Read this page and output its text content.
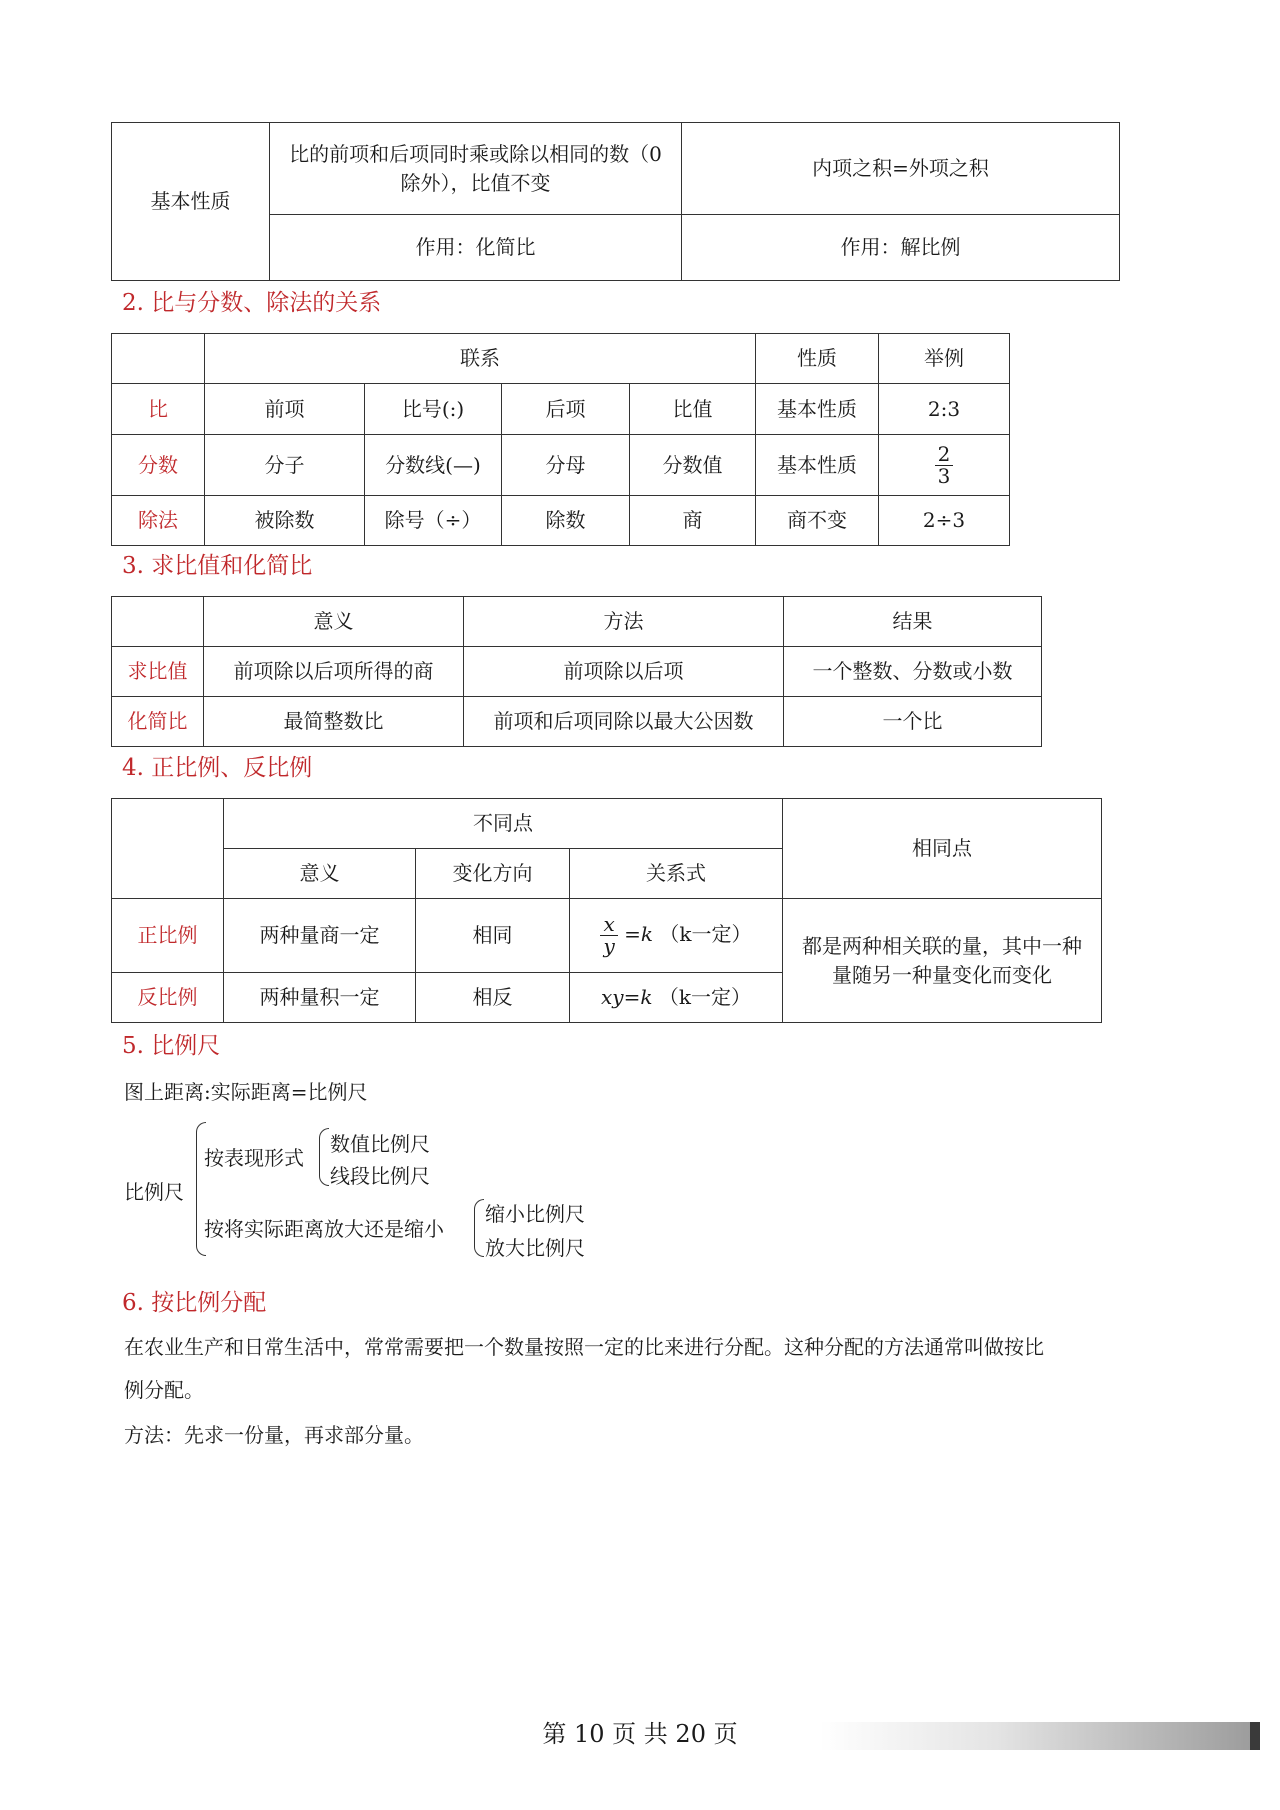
基本性质	比的前项和后项同时乘或除以相同的数（0除外），比值不变	内项之积=外项之积
	作用：化简比	作用：解比例
2. 比与分数、除法的关系
	联系				性质	举例
比	前项	比号(:)	后项	比值	基本性质	2:3
分数	分子	分数线(—)	分母	分数值	基本性质	$\frac{2}{3}$

除法	被除数	除号（÷）	除数	商	商不变	2÷3
3. 求比值和化简比
	意义	方法	结果
求比值	前项除以后项所得的商	前项除以后项	一个整数、分数或小数
化简比	最简整数比	前项和后项同除以最大公因数	一个比
4. 正比例、反比例
	不同点			相同点
	意义	变化方向	关系式	
正比例	两种量商一定	相同	$\frac{x}{y} =k$ （k一定）	都是两种相关联的量，其中一种量随另一种量变化而变化
反比例	两种量积一定	相反	xy=k （k一定）	
5. 比例尺
图上距离:实际距离=比例尺
比例尺
按表现形式
数值比例尺
线段比例尺
按将实际距离放大还是缩小
缩小比例尺
放大比例尺
6. 按比例分配
在农业生产和日常生活中，常常需要把一个数量按照一定的比来进行分配。这种分配的方法通常叫做按比
例分配。
方法：先求一份量，再求部分量。
第 10 页 共 20 页
